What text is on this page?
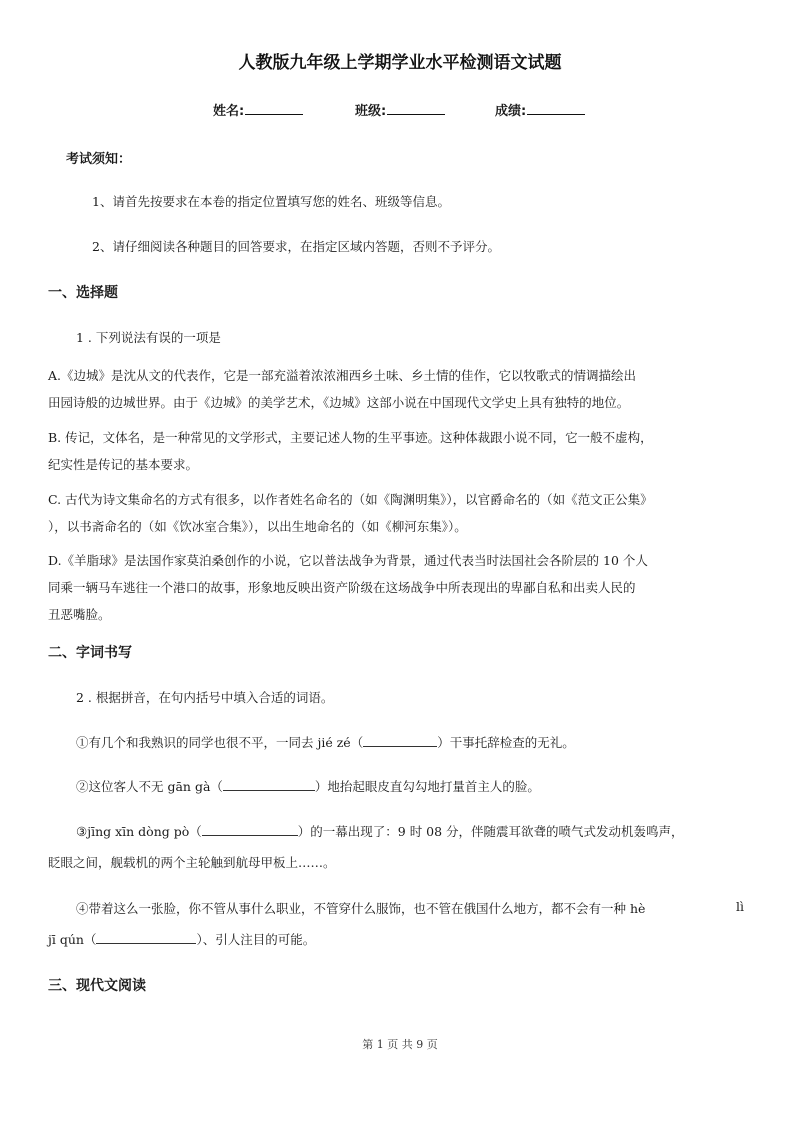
人教版九年级上学期学业水平检测语文试题
姓名:	班级:	成绩:
考试须知：
1、请首先按要求在本卷的指定位置填写您的姓名、班级等信息。
2、请仔细阅读各种题目的回答要求，在指定区域内答题，否则不予评分。
一、选择题
1 . 下列说法有误的一项是
A.《边城》是沈从文的代表作，它是一部充溢着浓浓湘西乡土味、乡土情的佳作，它以牧歌式的情调描绘出
田园诗般的边城世界。由于《边城》的美学艺术，《边城》这部小说在中国现代文学史上具有独特的地位。
B. 传记，文体名，是一种常见的文学形式，主要记述人物的生平事迹。这种体裁跟小说不同，它一般不虚构，
纪实性是传记的基本要求。
C. 古代为诗文集命名的方式有很多，以作者姓名命名的（如《陶渊明集》），以官爵命名的（如《范文正公集》
），以书斋命名的（如《饮冰室合集》），以出生地命名的（如《柳河东集》）。
D.《羊脂球》是法国作家莫泊桑创作的小说，它以普法战争为背景，通过代表当时法国社会各阶层的 10 个人
同乘一辆马车逃往一个港口的故事，形象地反映出资产阶级在这场战争中所表现出的卑鄙自私和出卖人民的
丑恶嘴脸。
二、字词书写
2 . 根据拼音，在句内括号中填入合适的词语。
①有几个和我熟识的同学也很不平，一同去 jié zé（	）干事托辞检查的无礼。
②这位客人不无 gān gà（	）地抬起眼皮直勾勾地打量首主人的脸。
③jīng xīn dòng pò（	）的一幕出现了：9 时 08 分，伴随震耳欲聋的喷气式发动机轰鸣声，
眨眼之间，舰载机的两个主轮触到航母甲板上……。
④带着这么一张脸，你不管从事什么职业，不管穿什么服饰，也不管在俄国什么地方，都不会有一种 hè	lì
jī qún（	）、引人注目的可能。
三、现代文阅读
第 1 页 共 9 页
